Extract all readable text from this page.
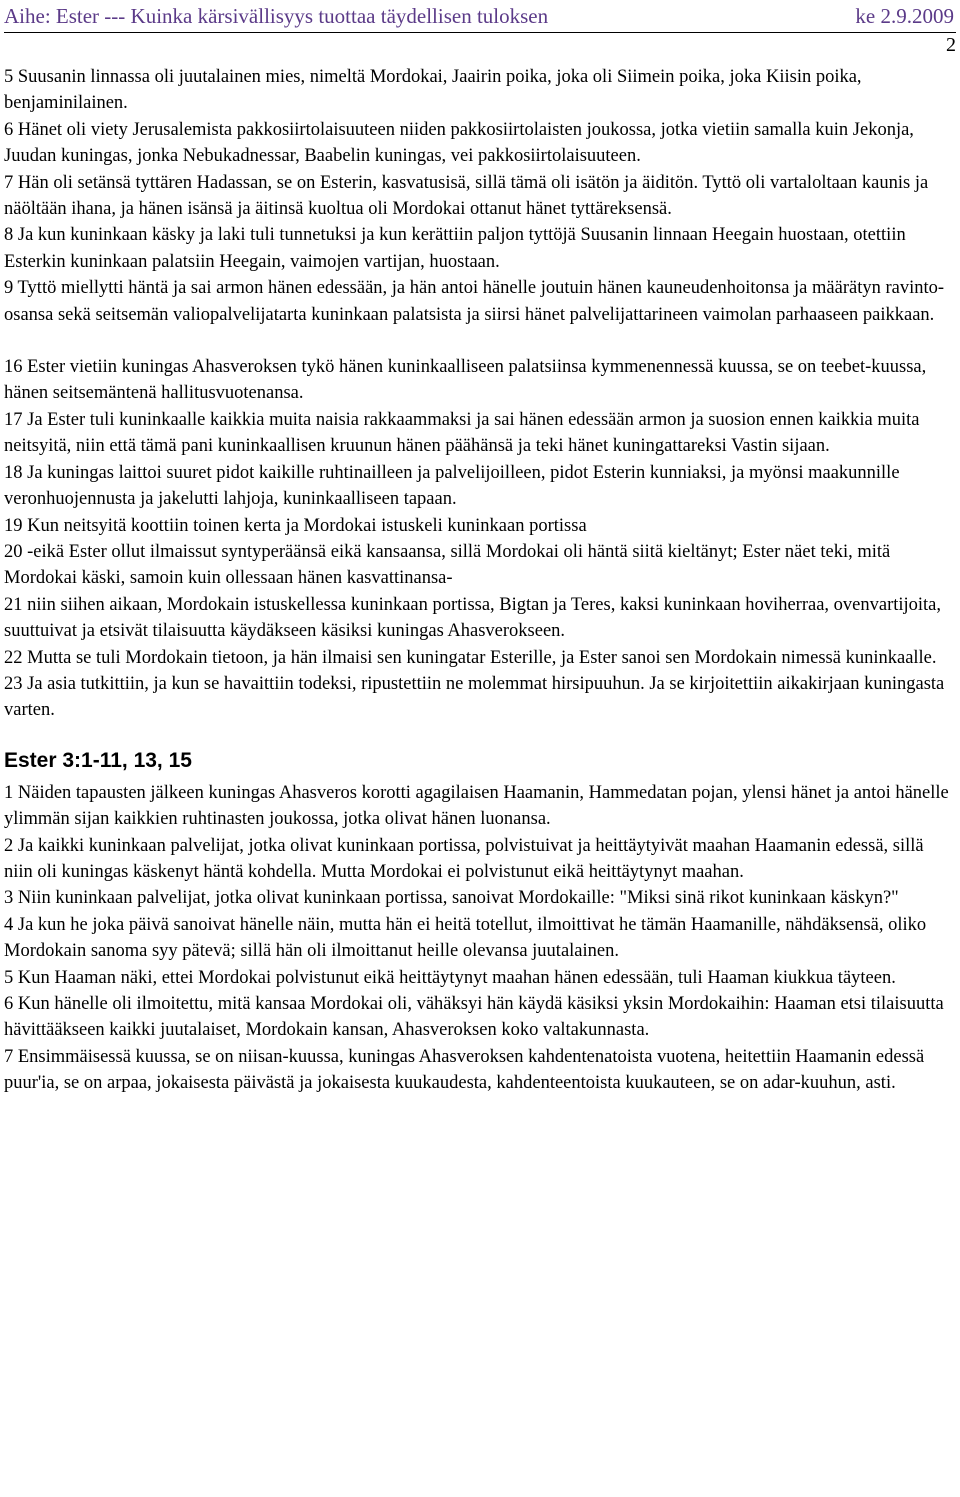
Aihe: Ester --- Kuinka kärsivällisyys tuottaa täydellisen tuloksen	ke 2.9.2009
2

5 Suusanin linnassa oli juutalainen mies, nimeltä Mordokai, Jaairin poika, joka oli Siimein poika, joka Kiisin poika, benjaminilainen.

6 Hänet oli viety Jerusalemista pakkosiirtolaisuuteen niiden pakkosiirtolaisten joukossa, jotka vietiin samalla kuin Jekonja, Juudan kuningas, jonka Nebukadnessar, Baabelin kuningas, vei pakkosiirtolaisuuteen.

7 Hän oli setänsä tyttären Hadassan, se on Esterin, kasvatusisä, sillä tämä oli isätön ja äiditön. Tyttö oli vartaloltaan kaunis ja näöltään ihana, ja hänen isänsä ja äitinsä kuoltua oli Mordokai ottanut hänet tyttäreksensä.

8 Ja kun kuninkaan käsky ja laki tuli tunnetuksi ja kun kerättiin paljon tyttöjä Suusanin linnaan Heegain huostaan, otettiin Esterkin kuninkaan palatsiin Heegain, vaimojen vartijan, huostaan.

9 Tyttö miellytti häntä ja sai armon hänen edessään, ja hän antoi hänelle joutuin hänen kauneudenhoitonsa ja määrätyn ravinto-osansa sekä seitsemän valiopalvelijatarta kuninkaan palatsista ja siirsi hänet palvelijattarineen vaimolan parhaaseen paikkaan.

16 Ester vietiin kuningas Ahasveroksen tykö hänen kuninkaalliseen palatsiinsa kymmenennessä kuussa, se on teebet-kuussa, hänen seitsemäntenä hallitusvuotenansa.

17 Ja Ester tuli kuninkaalle kaikkia muita naisia rakkaammaksi ja sai hänen edessään armon ja suosion ennen kaikkia muita neitsyitä, niin että tämä pani kuninkaallisen kruunun hänen päähänsä ja teki hänet kuningattareksi Vastin sijaan.

18 Ja kuningas laittoi suuret pidot kaikille ruhtinailleen ja palvelijoilleen, pidot Esterin kunniaksi, ja myönsi maakunnille veronhuojennusta ja jakelutti lahjoja, kuninkaalliseen tapaan.

19 Kun neitsyitä koottiin toinen kerta ja Mordokai istuskeli kuninkaan portissa

20 -eikä Ester ollut ilmaissut syntyperäänsä eikä kansaansa, sillä Mordokai oli häntä siitä kieltänyt; Ester näet teki, mitä Mordokai käski, samoin kuin ollessaan hänen kasvattinansa-

21 niin siihen aikaan, Mordokain istuskellessa kuninkaan portissa, Bigtan ja Teres, kaksi kuninkaan hoviherraa, ovenvartijoita, suuttuivat ja etsivät tilaisuutta käydäkseen käsiksi kuningas Ahasverokseen.

22 Mutta se tuli Mordokain tietoon, ja hän ilmaisi sen kuningatar Esterille, ja Ester sanoi sen Mordokain nimessä kuninkaalle.

23 Ja asia tutkittiin, ja kun se havaittiin todeksi, ripustettiin ne molemmat hirsipuuhun. Ja se kirjoitettiin aikakirjaan kuningasta varten.

Ester 3:1-11, 13, 15

1 Näiden tapausten jälkeen kuningas Ahasveros korotti agagilaisen Haamanin, Hammedatan pojan, ylensi hänet ja antoi hänelle ylimmän sijan kaikkien ruhtinasten joukossa, jotka olivat hänen luonansa.

2 Ja kaikki kuninkaan palvelijat, jotka olivat kuninkaan portissa, polvistuivat ja heittäytyivät maahan Haamanin edessä, sillä niin oli kuningas käskenyt häntä kohdella. Mutta Mordokai ei polvistunut eikä heittäytynyt maahan.

3 Niin kuninkaan palvelijat, jotka olivat kuninkaan portissa, sanoivat Mordokaille: "Miksi sinä rikot kuninkaan käskyn?"

4 Ja kun he joka päivä sanoivat hänelle näin, mutta hän ei heitä totellut, ilmoittivat he tämän Haamanille, nähdäksensä, oliko Mordokain sanoma syy pätevä; sillä hän oli ilmoittanut heille olevansa juutalainen.

5 Kun Haaman näki, ettei Mordokai polvistunut eikä heittäytynyt maahan hänen edessään, tuli Haaman kiukkua täyteen.

6 Kun hänelle oli ilmoitettu, mitä kansaa Mordokai oli, vähäksyi hän käydä käsiksi yksin Mordokaihin: Haaman etsi tilaisuutta hävittääkseen kaikki juutalaiset, Mordokain kansan, Ahasveroksen koko valtakunnasta.

7 Ensimmäisessä kuussa, se on niisan-kuussa, kuningas Ahasveroksen kahdentenatoista vuotena, heitettiin Haamanin edessä puur'ia, se on arpaa, jokaisesta päivästä ja jokaisesta kuukaudesta, kahdenteentoista kuukauteen, se on adar-kuuhun, asti.
